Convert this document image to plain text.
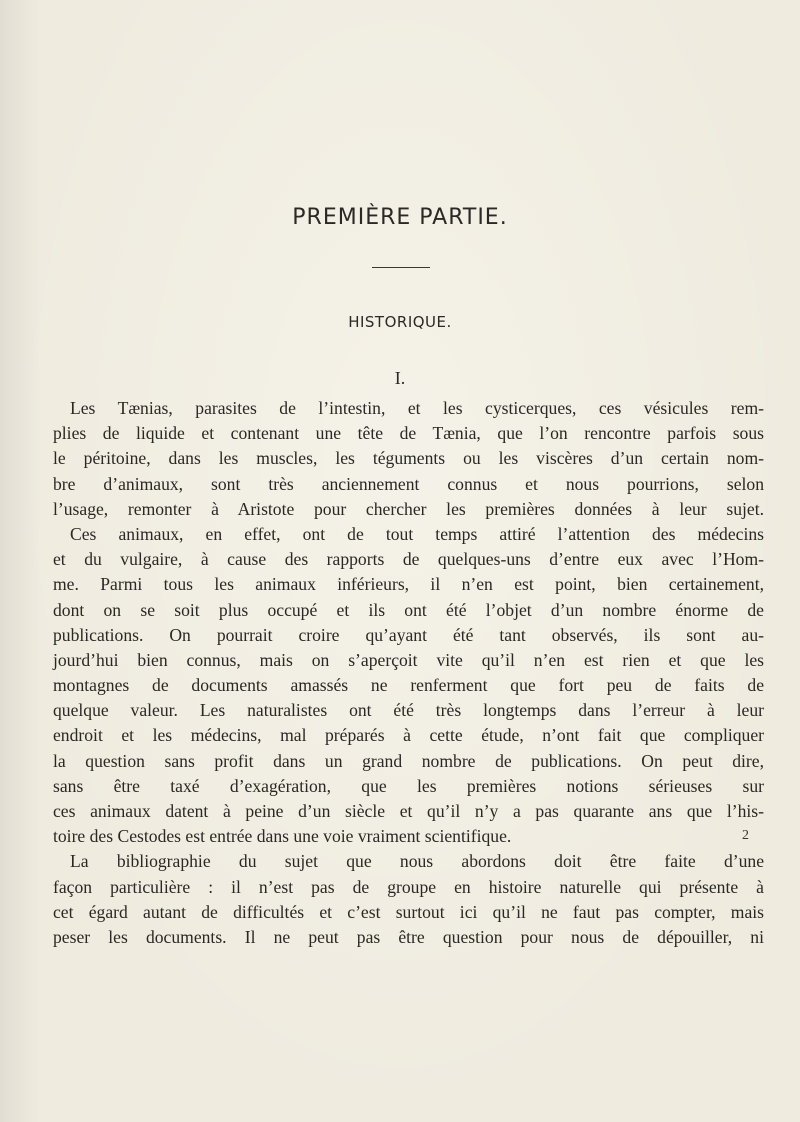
PREMIÈRE PARTIE.
HISTORIQUE.
I.
Les Tænias, parasites de l’intestin, et les cysticerques, ces vésicules rem-
plies de liquide et contenant une tête de Tænia, que l’on rencontre parfois sous
le péritoine, dans les muscles, les téguments ou les viscères d’un certain nom-
bre d’animaux, sont très anciennement connus et nous pourrions, selon
l’usage, remonter à Aristote pour chercher les premières données à leur sujet.
Ces animaux, en effet, ont de tout temps attiré l’attention des médecins
et du vulgaire, à cause des rapports de quelques-uns d’entre eux avec l’Hom-
me. Parmi tous les animaux inférieurs, il n’en est point, bien certainement,
dont on se soit plus occupé et ils ont été l’objet d’un nombre énorme de
publications. On pourrait croire qu’ayant été tant observés, ils sont au-
jourd’hui bien connus, mais on s’aperçoit vite qu’il n’en est rien et que les
montagnes de documents amassés ne renferment que fort peu de faits de
quelque valeur. Les naturalistes ont été très longtemps dans l’erreur à leur
endroit et les médecins, mal préparés à cette étude, n’ont fait que compliquer
la question sans profit dans un grand nombre de publications. On peut dire,
sans être taxé d’exagération, que les premières notions sérieuses sur
ces animaux datent à peine d’un siècle et qu’il n’y a pas quarante ans que l’his-
toire des Cestodes est entrée dans une voie vraiment scientifique.
La bibliographie du sujet que nous abordons doit être faite d’une
façon particulière : il n’est pas de groupe en histoire naturelle qui présente à
cet égard autant de difficultés et c’est surtout ici qu’il ne faut pas compter, mais
peser les documents. Il ne peut pas être question pour nous de dépouiller, ni
2
